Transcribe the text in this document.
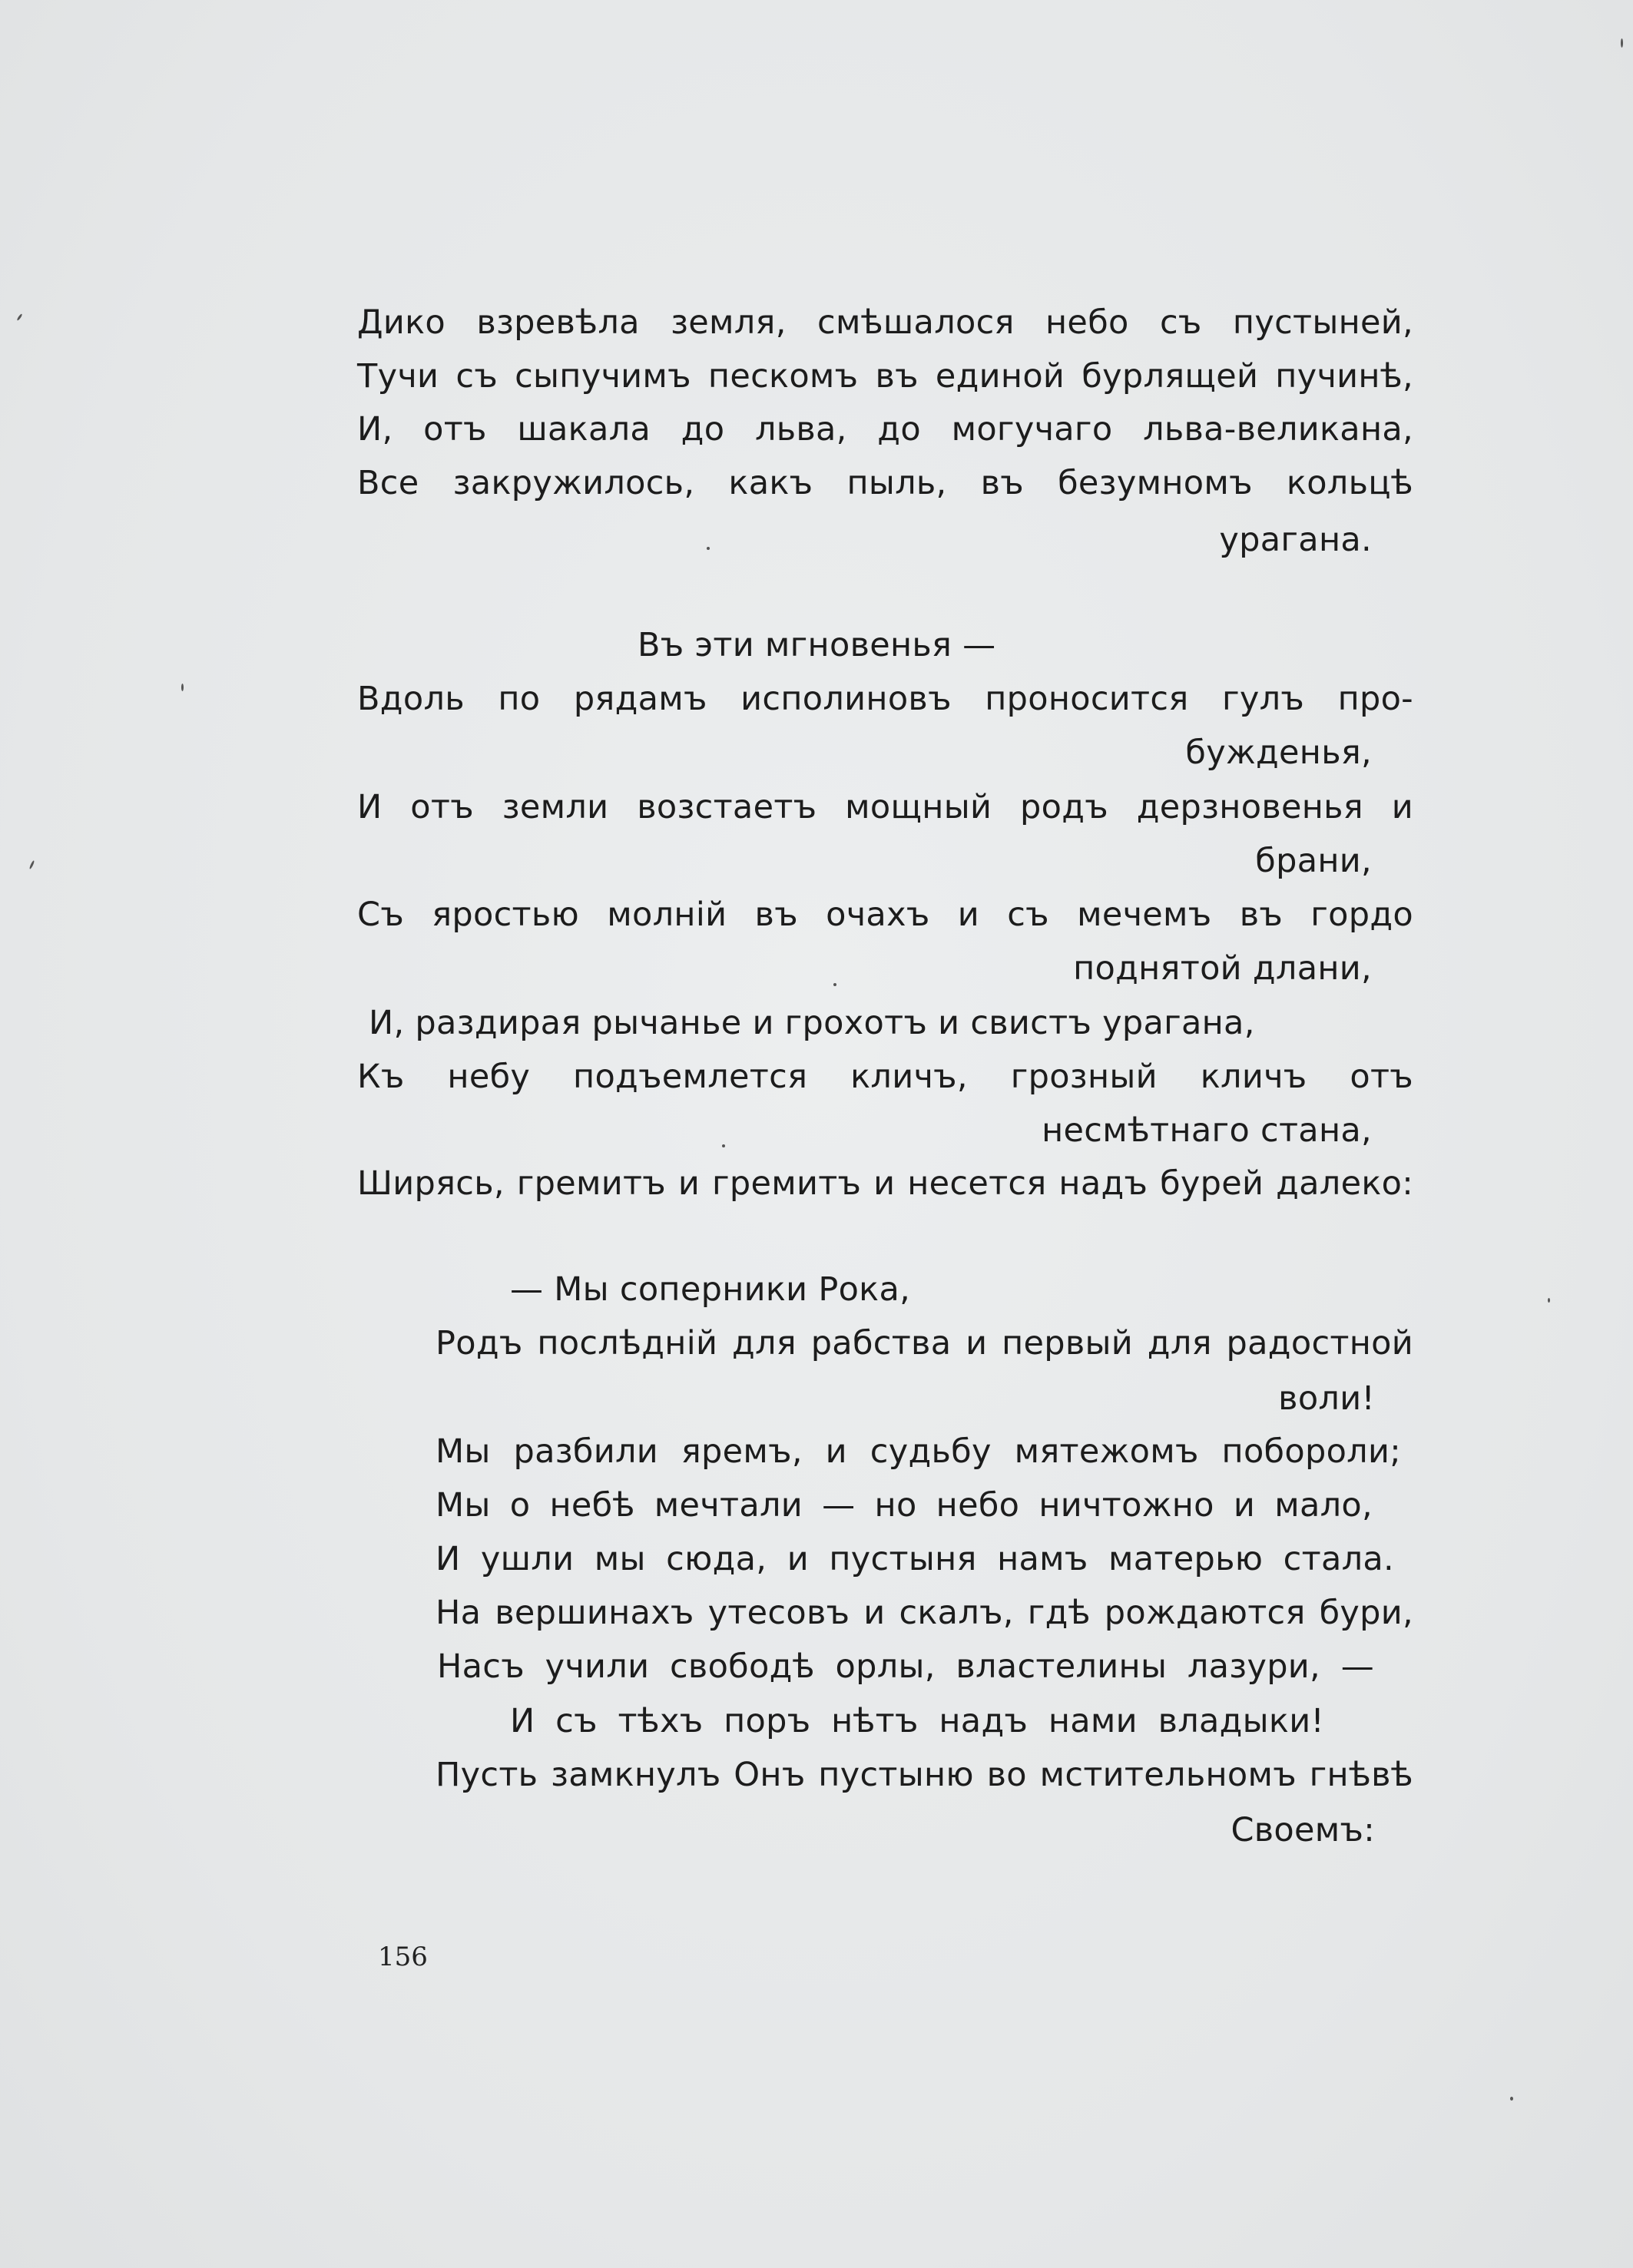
Дико взревѣла земля, смѣшалося небо съ пустыней,
Тучи съ сыпучимъ пескомъ въ единой бурлящей пучинѣ,
И, отъ шакала до льва, до могучаго льва-великана,
Все закружилось, какъ пыль, въ безумномъ кольцѣ
урагана.
Въ эти мгновенья —
Вдоль по рядамъ исполиновъ проносится гулъ про-
бужденья,
И отъ земли возстаетъ мощный родъ дерзновенья и
брани,
Съ яростью молній въ очахъ и съ мечемъ въ гордо
поднятой длани,
И, раздирая рычанье и грохотъ и свистъ урагана,
Къ небу подъемлется кличъ, грозный кличъ отъ
несмѣтнаго стана,
Ширясь, гремитъ и гремитъ и несется надъ бурей далеко:
— Мы соперники Рока,
Родъ послѣдній для рабства и первый для радостной
воли!
Мы разбили яремъ, и судьбу мятежомъ побороли;
Мы о небѣ мечтали — но небо ничтожно и мало,
И ушли мы сюда, и пустыня намъ матерью стала.
На вершинахъ утесовъ и скалъ, гдѣ рождаются бури,
Насъ учили свободѣ орлы, властелины лазури, —
И съ тѣхъ поръ нѣтъ надъ нами владыки!
Пусть замкнулъ Онъ пустыню во мстительномъ гнѣвѣ
Своемъ:
156
